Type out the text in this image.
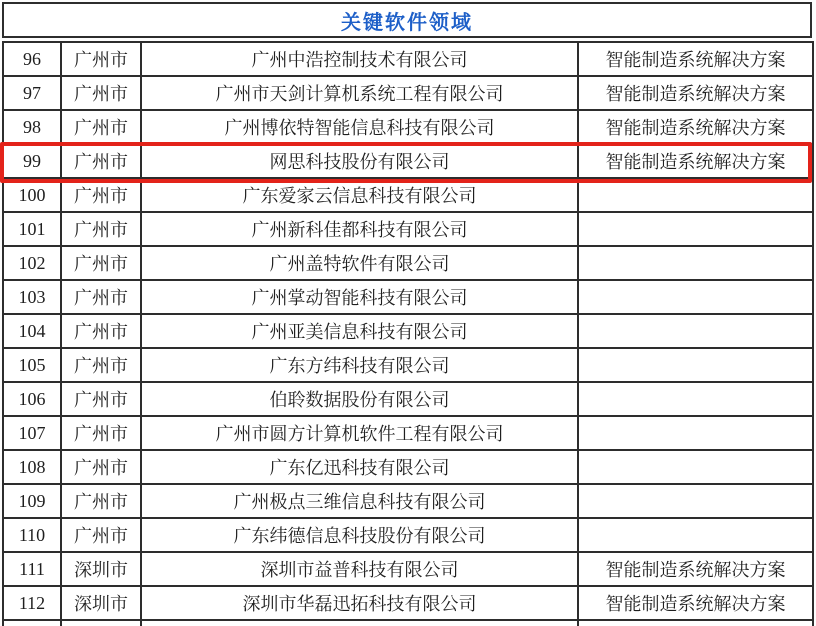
关键软件领域
96	广州市	广州中浩控制技术有限公司	智能制造系统解决方案
97	广州市	广州市天剑计算机系统工程有限公司	智能制造系统解决方案
98	广州市	广州博依特智能信息科技有限公司	智能制造系统解决方案
99	广州市	网思科技股份有限公司	智能制造系统解决方案
100	广州市	广东爱家云信息科技有限公司	
101	广州市	广州新科佳都科技有限公司	
102	广州市	广州盖特软件有限公司	
103	广州市	广州掌动智能科技有限公司	
104	广州市	广州亚美信息科技有限公司	
105	广州市	广东方纬科技有限公司	
106	广州市	伯聆数据股份有限公司	
107	广州市	广州市圆方计算机软件工程有限公司	
108	广州市	广东亿迅科技有限公司	
109	广州市	广州极点三维信息科技有限公司	
110	广州市	广东纬德信息科技股份有限公司	
111	深圳市	深圳市益普科技有限公司	智能制造系统解决方案
112	深圳市	深圳市华磊迅拓科技有限公司	智能制造系统解决方案
